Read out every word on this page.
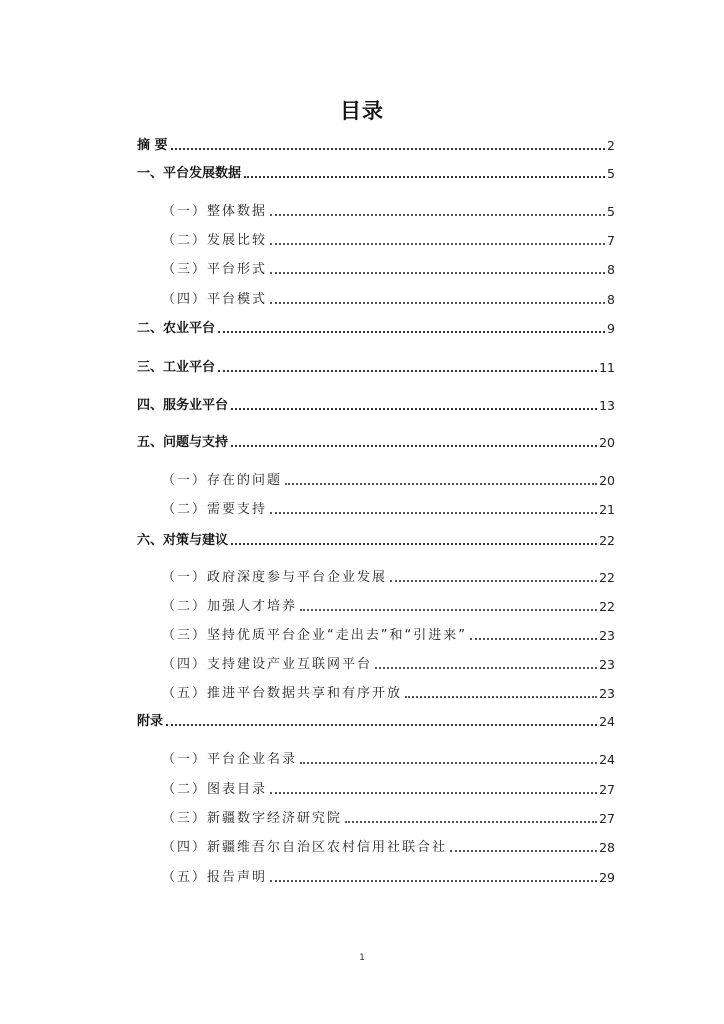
目录
摘 要	2
一、平台发展数据	5
（一）整体数据	5
（二）发展比较	7
（三）平台形式	8
（四）平台模式	8
二、农业平台	9
三、工业平台	11
四、服务业平台	13
五、问题与支持	20
（一）存在的问题	20
（二）需要支持	21
六、对策与建议	22
（一）政府深度参与平台企业发展	22
（二）加强人才培养	22
（三）坚持优质平台企业“走出去”和“引进来”	23
（四）支持建设产业互联网平台	23
（五）推进平台数据共享和有序开放	23
附录	24
（一）平台企业名录	24
（二）图表目录	27
（三）新疆数字经济研究院	27
（四）新疆维吾尔自治区农村信用社联合社	28
（五）报告声明	29
1
